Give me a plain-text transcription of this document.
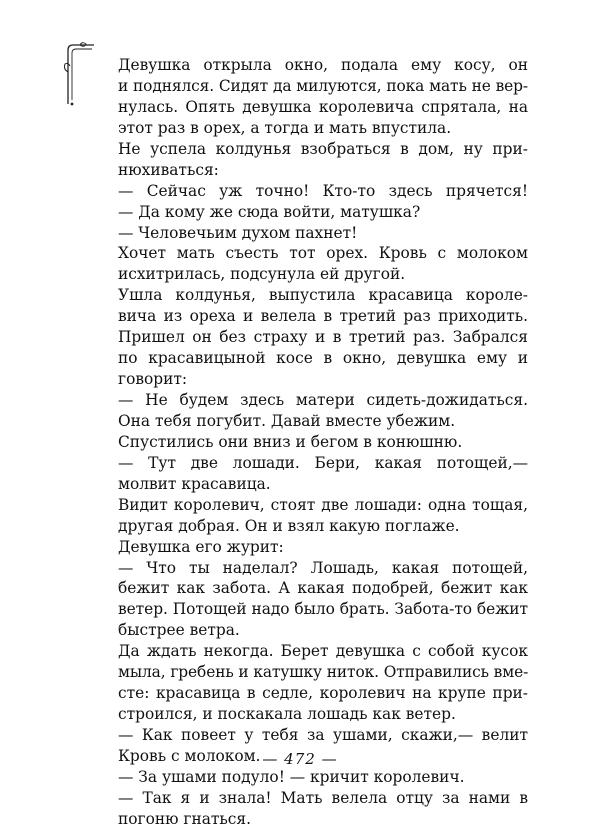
Девушка открыла окно, подала ему косу, он
и поднялся. Сидят да милуются, пока мать не вер-
нулась. Опять девушка королевича спрятала, на
этот раз в орех, а тогда и мать впустила.
Не успела колдунья взобраться в дом, ну при-
нюхиваться:
— Сейчас уж точно! Кто-то здесь прячется!
— Да кому же сюда войти, матушка?
— Человечьим духом пахнет!
Хочет мать съесть тот орех. Кровь с молоком
исхитрилась, подсунула ей другой.
Ушла колдунья, выпустила красавица короле-
вича из ореха и велела в третий раз приходить.
Пришел он без страху и в третий раз. Забрался
по красавицыной косе в окно, девушка ему и
говорит:
— Не будем здесь матери сидеть-дожидаться.
Она тебя погубит. Давай вместе убежим.
Спустились они вниз и бегом в конюшню.
— Тут две лошади. Бери, какая потощей,—
молвит красавица.
Видит королевич, стоят две лошади: одна тощая,
другая добрая. Он и взял какую поглаже.
Девушка его журит:
— Что ты наделал? Лошадь, какая потощей,
бежит как забота. А какая подобрей, бежит как
ветер. Потощей надо было брать. Забота-то бежит
быстрее ветра.
Да ждать некогда. Берет девушка с собой кусок
мыла, гребень и катушку ниток. Отправились вме-
сте: красавица в седле, королевич на крупе при-
строился, и поскакала лошадь как ветер.
— Как повеет у тебя за ушами, скажи,— велит
Кровь с молоком.
— За ушами подуло! — кричит королевич.
— Так я и знала! Мать велела отцу за нами в
погоню гнаться.
— 472 —
